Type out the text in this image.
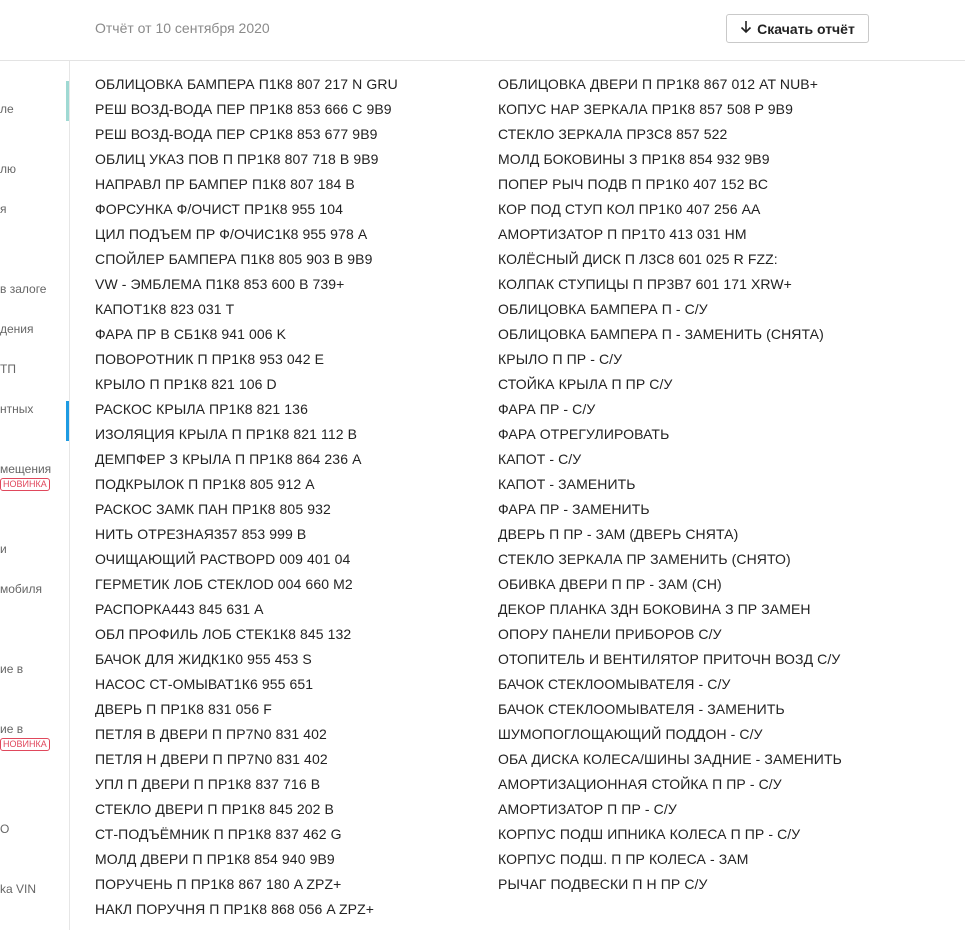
Отчёт от 10 сентября 2020	Скачать отчёт
ле
лю
я
в залоге
дения
ТП
нтных
мещения
НОВИНКА
и
мобиля
ие в
ие в
НОВИНКА
О
ka VIN
ОБЛИЦОВКА БАМПЕРА П1К8 807 217 N GRU
РЕШ ВОЗД-ВОДА ПЕР ПР1К8 853 666 C 9B9
РЕШ ВОЗД-ВОДА ПЕР СР1К8 853 677 9B9
ОБЛИЦ УКАЗ ПОВ П ПР1К8 807 718 B 9B9
НАПРАВЛ ПР БАМПЕР П1К8 807 184 B
ФОРСУНКА Ф/ОЧИСТ ПР1К8 955 104
ЦИЛ ПОДЪЕМ ПР Ф/ОЧИС1К8 955 978 A
СПОЙЛЕР БАМПЕРА П1К8 805 903 B 9B9
VW - ЭМБЛЕМА П1К8 853 600 B 739+
КАПОТ1К8 823 031 T
ФАРА ПР В СБ1К8 941 006 K
ПОВОРОТНИК П ПР1К8 953 042 E
КРЫЛО П ПР1К8 821 106 D
РАСКОС КРЫЛА ПР1К8 821 136
ИЗОЛЯЦИЯ КРЫЛА П ПР1К8 821 112 B
ДЕМПФЕР З КРЫЛА П ПР1К8 864 236 A
ПОДКРЫЛОК П ПР1К8 805 912 A
РАСКОС ЗАМК ПАН ПР1К8 805 932
НИТЬ ОТРЕЗНАЯ357 853 999 B
ОЧИЩАЮЩИЙ РАСТВОРD 009 401 04
ГЕРМЕТИК ЛОБ СТЕКЛОD 004 660 M2
РАСПОРКА443 845 631 A
ОБЛ ПРОФИЛЬ ЛОБ СТЕК1К8 845 132
БАЧОК ДЛЯ ЖИДК1К0 955 453 S
НАСОС СТ-ОМЫВАТ1К6 955 651
ДВЕРЬ П ПР1К8 831 056 F
ПЕТЛЯ В ДВЕРИ П ПР7N0 831 402
ПЕТЛЯ Н ДВЕРИ П ПР7N0 831 402
УПЛ П ДВЕРИ П ПР1К8 837 716 B
СТЕКЛО ДВЕРИ П ПР1К8 845 202 B
СТ-ПОДЪЁМНИК П ПР1К8 837 462 G
МОЛД ДВЕРИ П ПР1К8 854 940 9B9
ПОРУЧЕНЬ П ПР1К8 867 180 A ZPZ+
НАКЛ ПОРУЧНЯ П ПР1К8 868 056 A ZPZ+
ОБЛИЦОВКА ДВЕРИ П ПР1К8 867 012 AT NUB+
КОПУС НАР ЗЕРКАЛА ПР1К8 857 508 P 9B9
СТЕКЛО ЗЕРКАЛА ПР3C8 857 522
МОЛД БОКОВИНЫ З ПР1К8 854 932 9B9
ПОПЕР РЫЧ ПОДВ П ПР1К0 407 152 BC
КОР ПОД СТУП КОЛ ПР1К0 407 256 AA
АМОРТИЗАТОР П ПР1T0 413 031 HM
КОЛЁСНЫЙ ДИСК П Л3C8 601 025 R FZZ:
КОЛПАК СТУПИЦЫ П ПР3B7 601 171 XRW+
ОБЛИЦОВКА БАМПЕРА П - С/У
ОБЛИЦОВКА БАМПЕРА П - ЗАМЕНИТЬ (СНЯТА)
КРЫЛО П ПР - С/У
СТОЙКА КРЫЛА П ПР С/У
ФАРА ПР - С/У
ФАРА ОТРЕГУЛИРОВАТЬ
КАПОТ - С/У
КАПОТ - ЗАМЕНИТЬ
ФАРА ПР - ЗАМЕНИТЬ
ДВЕРЬ П ПР - ЗАМ (ДВЕРЬ СНЯТА)
СТЕКЛО ЗЕРКАЛА ПР ЗАМЕНИТЬ (СНЯТО)
ОБИВКА ДВЕРИ П ПР - ЗАМ (СН)
ДЕКОР ПЛАНКА ЗДН БОКОВИНА З ПР ЗАМЕН
ОПОРУ ПАНЕЛИ ПРИБОРОВ С/У
ОТОПИТЕЛЬ И ВЕНТИЛЯТОР ПРИТОЧН ВОЗД С/У
БАЧОК СТЕКЛООМЫВАТЕЛЯ - С/У
БАЧОК СТЕКЛООМЫВАТЕЛЯ - ЗАМЕНИТЬ
ШУМОПОГЛОЩАЮЩИЙ ПОДДОН - С/У
ОБА ДИСКА КОЛЕСА/ШИНЫ ЗАДНИЕ - ЗАМЕНИТЬ
АМОРТИЗАЦИОННАЯ СТОЙКА П ПР - С/У
АМОРТИЗАТОР П ПР - С/У
КОРПУС ПОДШ ИПНИКА КОЛЕСА П ПР - С/У
КОРПУС ПОДШ. П ПР КОЛЕСА - ЗАМ
РЫЧАГ ПОДВЕСКИ П Н ПР С/У
